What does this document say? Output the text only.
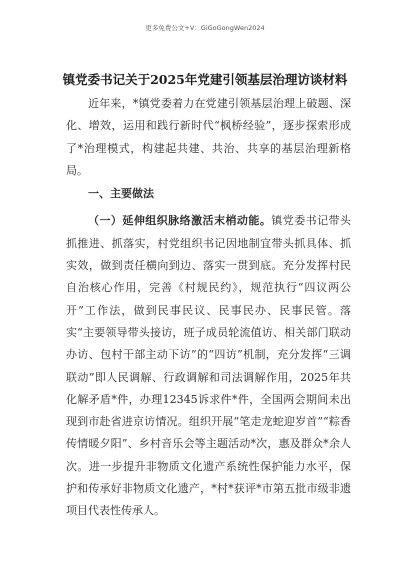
更多免费公文+V：GiGoGongWen2024
镇党委书记关于2025年党建引领基层治理访谈材料

近年来，*镇党委着力在党建引领基层治理上破题、深化、增效，运用和践行新时代“枫桥经验”，逐步探索形成了*治理模式，构建起共建、共治、共享的基层治理新格局。

一、主要做法

（一）延伸组织脉络激活末梢动能。镇党委书记带头抓推进、抓落实，村党组织书记因地制宜带头抓具体、抓实效，做到责任横向到边、落实一贯到底。充分发挥村民自治核心作用，完善《村规民约》，规范执行“四议两公开”工作法，做到民事民议、民事民办、民事民管。落实“主要领导带头接访，班子成员轮流值访、相关部门联动办访、包村干部主动下访”的“四访”机制，充分发挥“三调联动”即人民调解、行政调解和司法调解作用，2025年共化解矛盾*件，办理12345诉求件*件，全国两会期间未出现到市赴省进京访情况。组织开展“笔走龙蛇迎岁首”“粽香传情暖夕阳”、乡村音乐会等主题活动*次，惠及群众*余人次。进一步提升非物质文化遗产系统性保护能力水平，保护和传承好非物质文化遗产，*村*获评*市第五批市级非遗项目代表性传承人。
